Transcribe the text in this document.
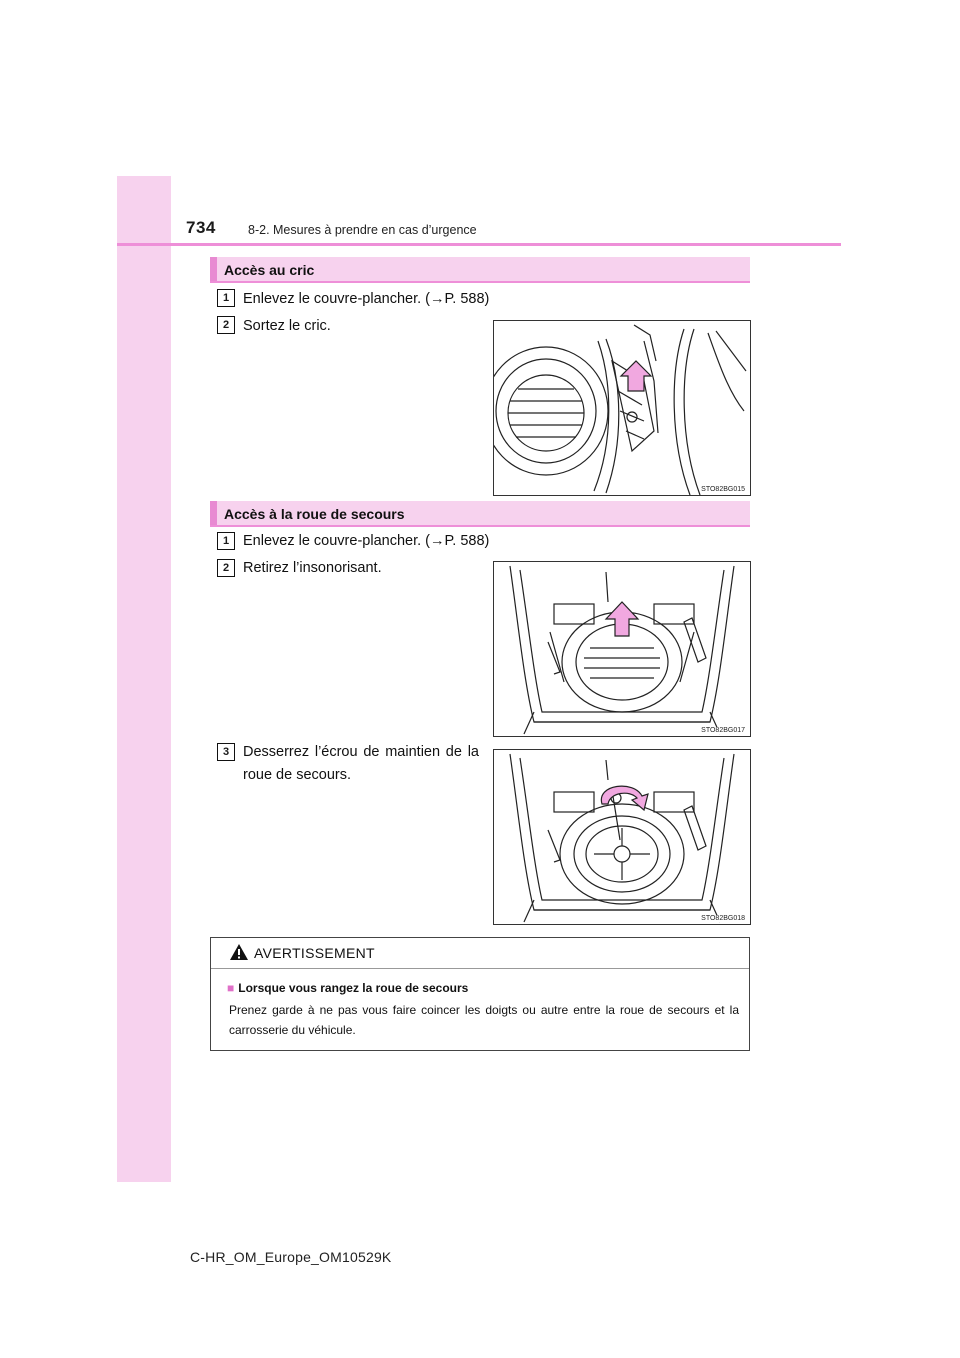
734	8-2. Mesures à prendre en cas d’urgence
Accès au cric
1 Enlevez le couvre-plancher. (→P. 588)
2 Sortez le cric.
STO82BG015
Accès à la roue de secours
1 Enlevez le couvre-plancher. (→P. 588)
2 Retirez l’insonorisant.
STO82BG017
3 Desserrez l’écrou de maintien de la roue de secours.
STO82BG018
AVERTISSEMENT
■ Lorsque vous rangez la roue de secours
Prenez garde à ne pas vous faire coincer les doigts ou autre entre la roue de secours et la carrosserie du véhicule.
C-HR_OM_Europe_OM10529K
